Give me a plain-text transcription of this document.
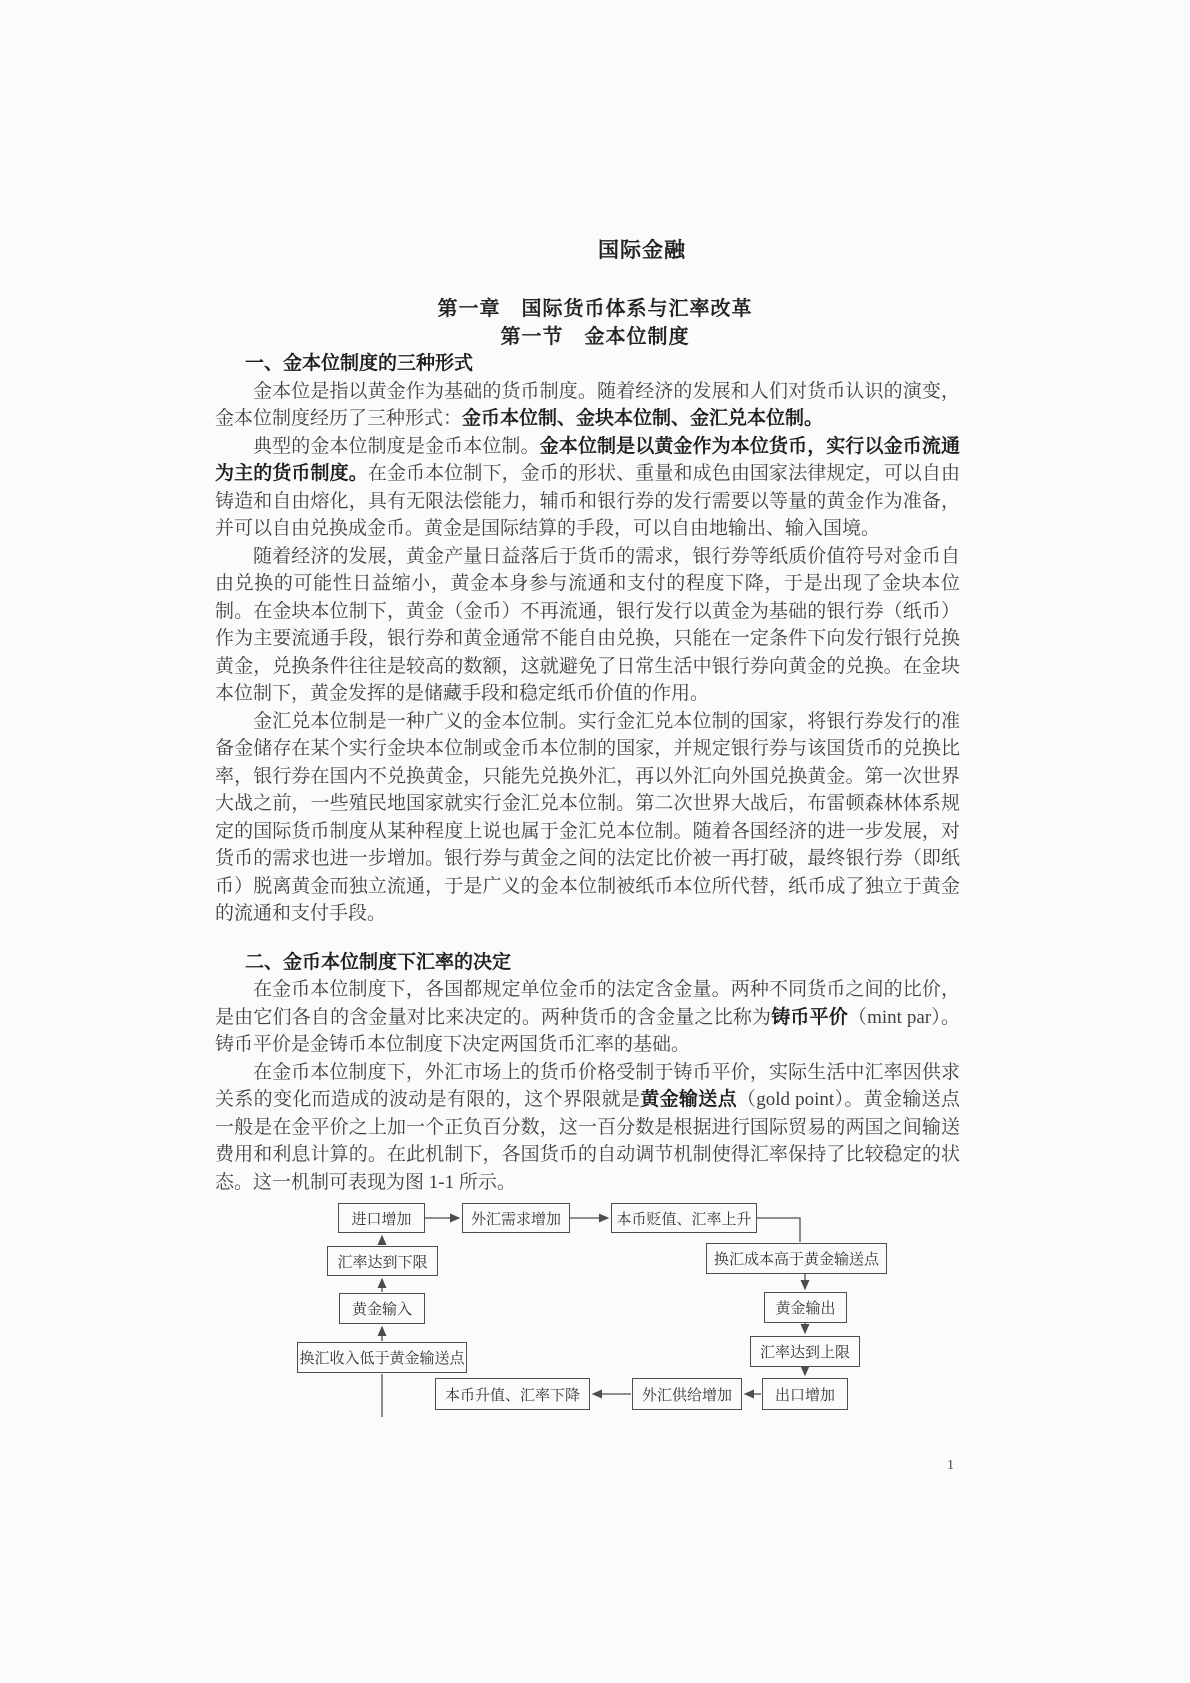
国际金融
第一章　国际货币体系与汇率改革
第一节　金本位制度
一、金本位制度的三种形式

金本位是指以黄金作为基础的货币制度。随着经济的发展和人们对货币认识的演变，金本位制度经历了三种形式：金币本位制、金块本位制、金汇兑本位制。

典型的金本位制度是金币本位制。金本位制是以黄金作为本位货币，实行以金币流通为主的货币制度。在金币本位制下，金币的形状、重量和成色由国家法律规定，可以自由铸造和自由熔化，具有无限法偿能力，辅币和银行券的发行需要以等量的黄金作为准备，并可以自由兑换成金币。黄金是国际结算的手段，可以自由地输出、输入国境。

随着经济的发展，黄金产量日益落后于货币的需求，银行券等纸质价值符号对金币自由兑换的可能性日益缩小，黄金本身参与流通和支付的程度下降，于是出现了金块本位制。在金块本位制下，黄金（金币）不再流通，银行发行以黄金为基础的银行券（纸币）作为主要流通手段，银行券和黄金通常不能自由兑换，只能在一定条件下向发行银行兑换黄金，兑换条件往往是较高的数额，这就避免了日常生活中银行券向黄金的兑换。在金块本位制下，黄金发挥的是储藏手段和稳定纸币价值的作用。

金汇兑本位制是一种广义的金本位制。实行金汇兑本位制的国家，将银行券发行的准备金储存在某个实行金块本位制或金币本位制的国家，并规定银行券与该国货币的兑换比率，银行券在国内不兑换黄金，只能先兑换外汇，再以外汇向外国兑换黄金。第一次世界大战之前，一些殖民地国家就实行金汇兑本位制。第二次世界大战后，布雷顿森林体系规定的国际货币制度从某种程度上说也属于金汇兑本位制。随着各国经济的进一步发展，对货币的需求也进一步增加。银行券与黄金之间的法定比价被一再打破，最终银行券（即纸币）脱离黄金而独立流通，于是广义的金本位制被纸币本位所代替，纸币成了独立于黄金的流通和支付手段。

二、金币本位制度下汇率的决定

在金币本位制度下，各国都规定单位金币的法定含金量。两种不同货币之间的比价，是由它们各自的含金量对比来决定的。两种货币的含金量之比称为铸币平价（mint par）。铸币平价是金铸币本位制度下决定两国货币汇率的基础。

在金币本位制度下，外汇市场上的货币价格受制于铸币平价，实际生活中汇率因供求关系的变化而造成的波动是有限的，这个界限就是黄金输送点（gold point）。黄金输送点一般是在金平价之上加一个正负百分数，这一百分数是根据进行国际贸易的两国之间输送费用和利息计算的。在此机制下，各国货币的自动调节机制使得汇率保持了比较稳定的状态。这一机制可表现为图 1-1 所示。

进口增加	外汇需求增加	本币贬值、汇率上升
换汇成本高于黄金输送点
黄金输出
汇率达到上限
出口增加
外汇供给增加
本币升值、汇率下降
换汇收入低于黄金输送点
黄金输入
汇率达到下限
1
